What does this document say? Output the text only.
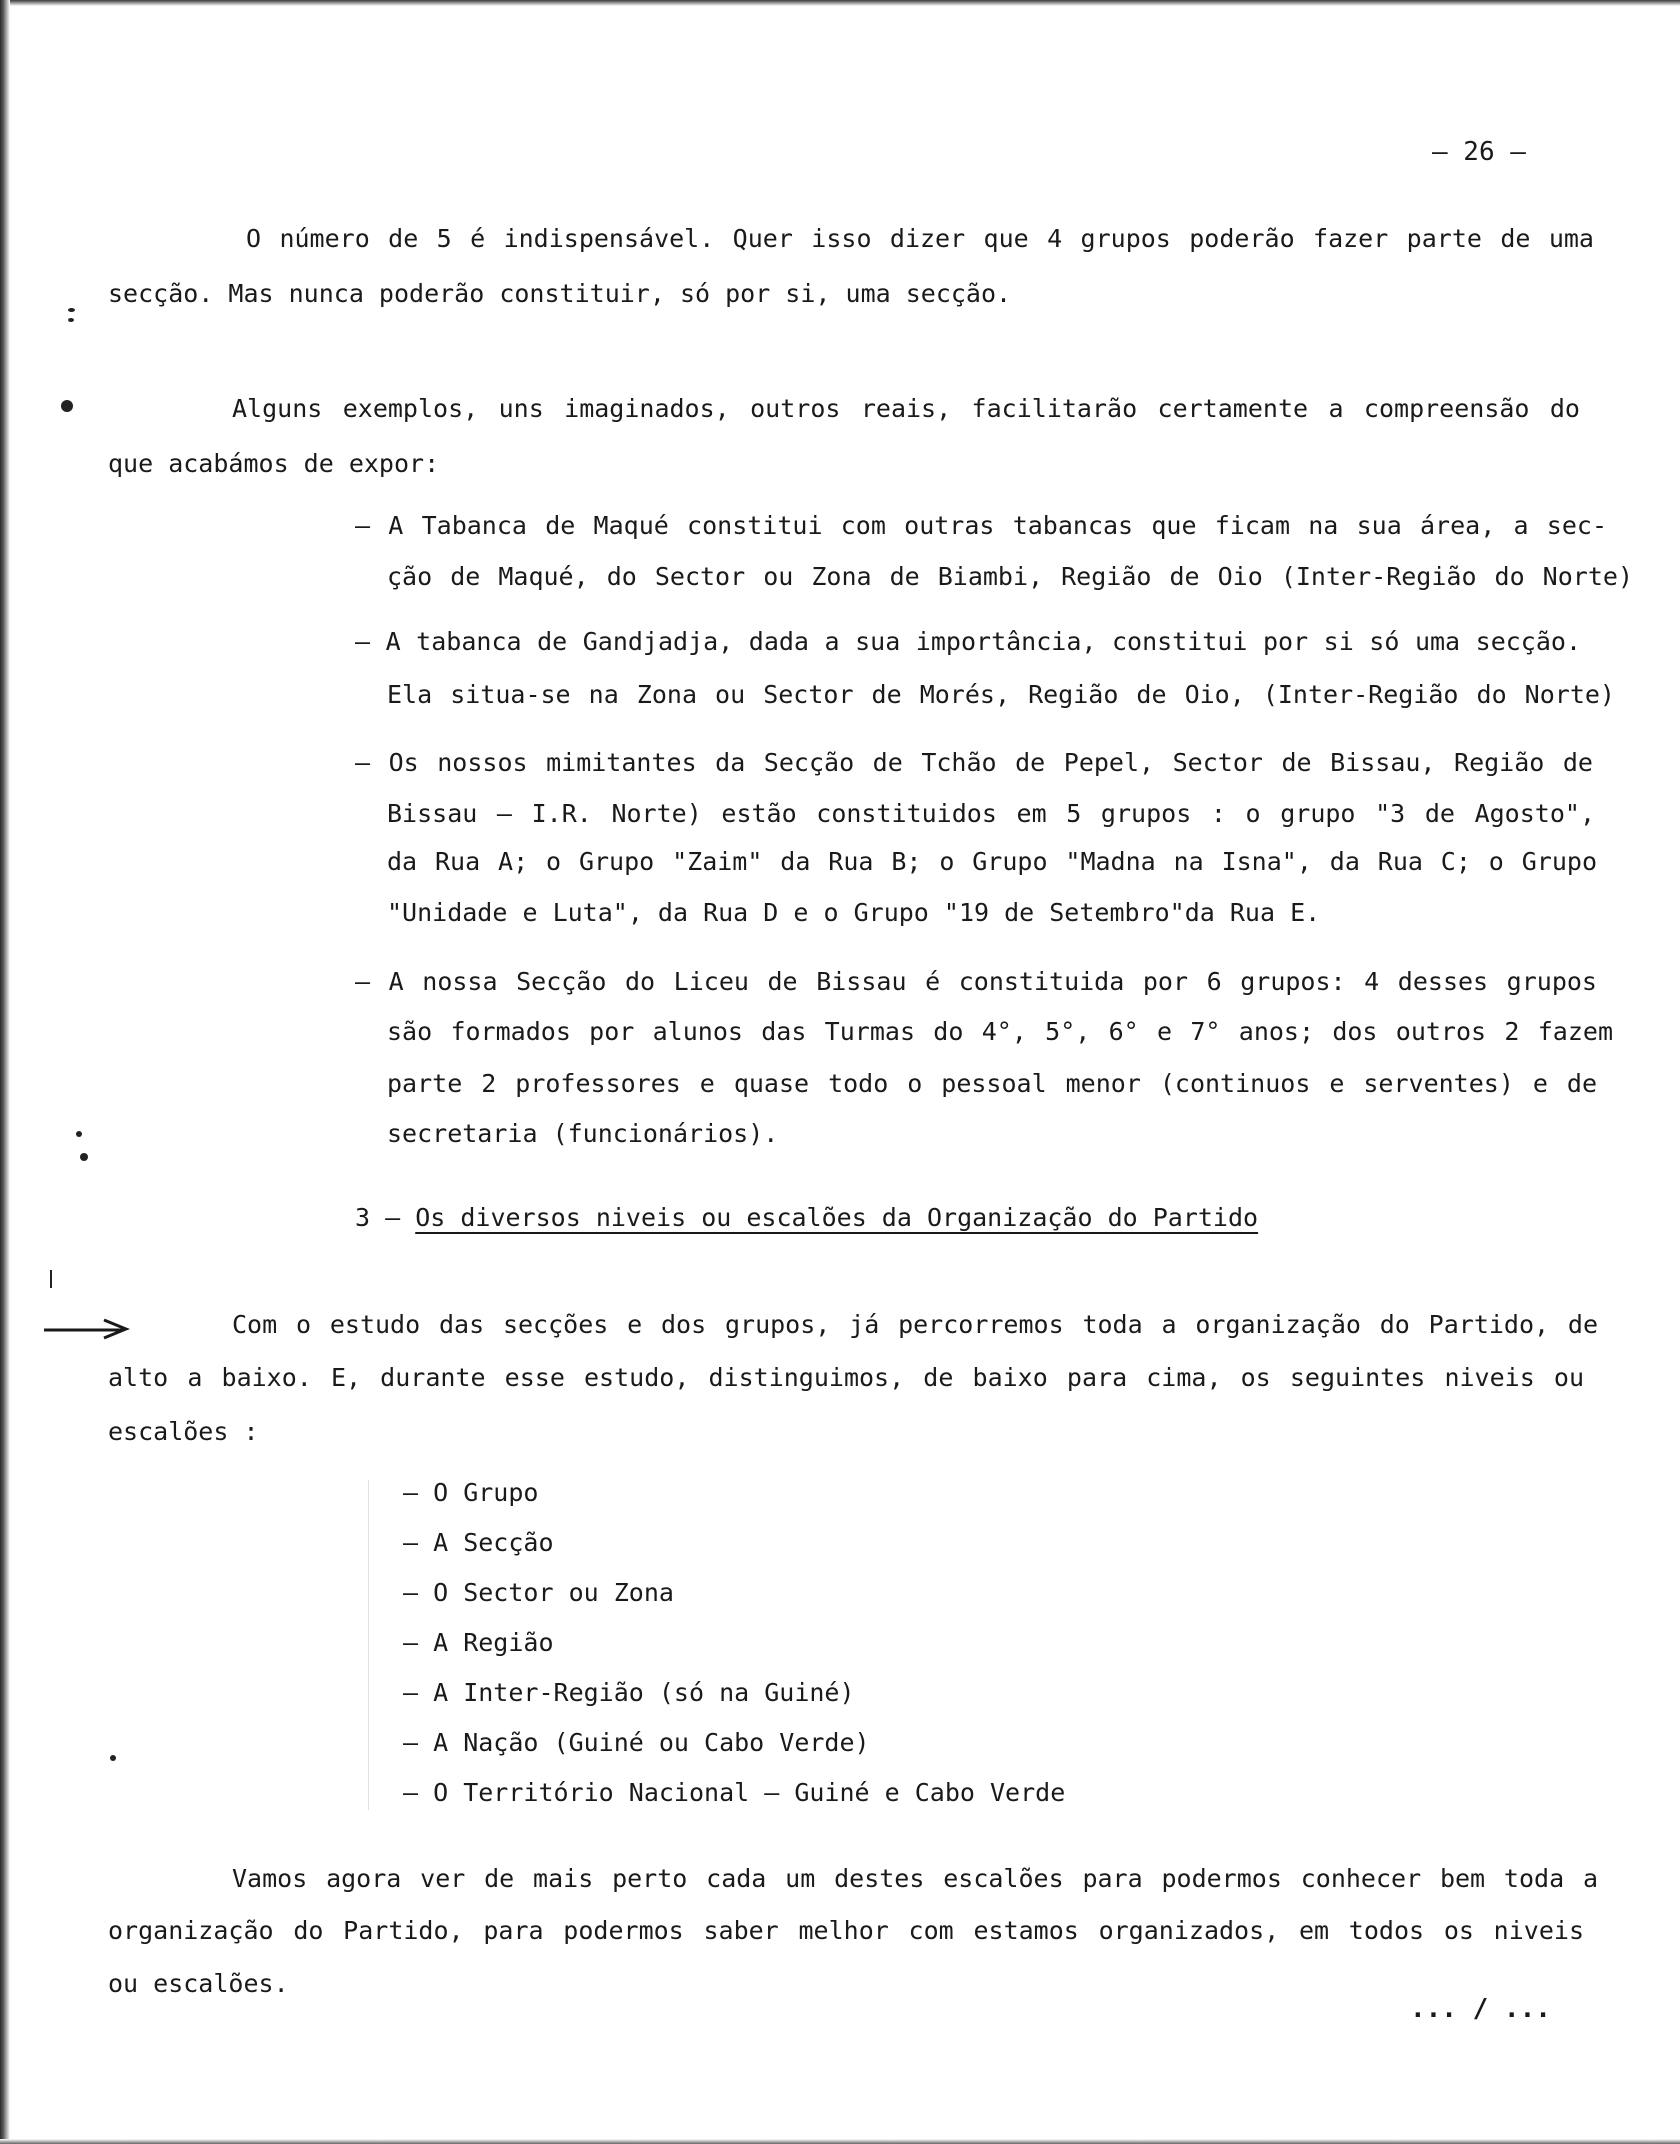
– 26 –
O número de 5 é indispensável. Quer isso dizer que 4 grupos poderão fazer parte de uma
secção. Mas nunca poderão constituir, só por si, uma secção.
Alguns exemplos, uns imaginados, outros reais, facilitarão certamente a compreensão do
que acabámos de expor:
– A Tabanca de Maqué constitui com outras tabancas que ficam na sua área, a sec-
ção de Maqué, do Sector ou Zona de Biambi, Região de Oio (Inter-Região do Norte)
– A tabanca de Gandjadja, dada a sua importância, constitui por si só uma secção.
Ela situa-se na Zona ou Sector de Morés, Região de Oio, (Inter-Região do Norte)
– Os nossos mimitantes da Secção de Tchão de Pepel, Sector de Bissau, Região de
Bissau – I.R. Norte) estão constituidos em 5 grupos : o grupo "3 de Agosto",
da Rua A; o Grupo "Zaim" da Rua B; o Grupo "Madna na Isna", da Rua C; o Grupo
"Unidade e Luta", da Rua D e o Grupo "19 de Setembro"da Rua E.
– A nossa Secção do Liceu de Bissau é constituida por 6 grupos: 4 desses grupos
são formados por alunos das Turmas do 4°, 5°, 6° e 7° anos; dos outros 2 fazem
parte 2 professores e quase todo o pessoal menor (continuos e serventes) e de
secretaria (funcionários).
3 – Os diversos niveis ou escalões da Organização do Partido
Com o estudo das secções e dos grupos, já percorremos toda a organização do Partido, de
alto a baixo. E, durante esse estudo, distinguimos, de baixo para cima, os seguintes niveis ou
escalões :
– O Grupo
– A Secção
– O Sector ou Zona
– A Região
– A Inter-Região (só na Guiné)
– A Nação (Guiné ou Cabo Verde)
– O Território Nacional – Guiné e Cabo Verde
Vamos agora ver de mais perto cada um destes escalões para podermos conhecer bem toda a
organização do Partido, para podermos saber melhor com estamos organizados, em todos os niveis
ou escalões.
... / ...
